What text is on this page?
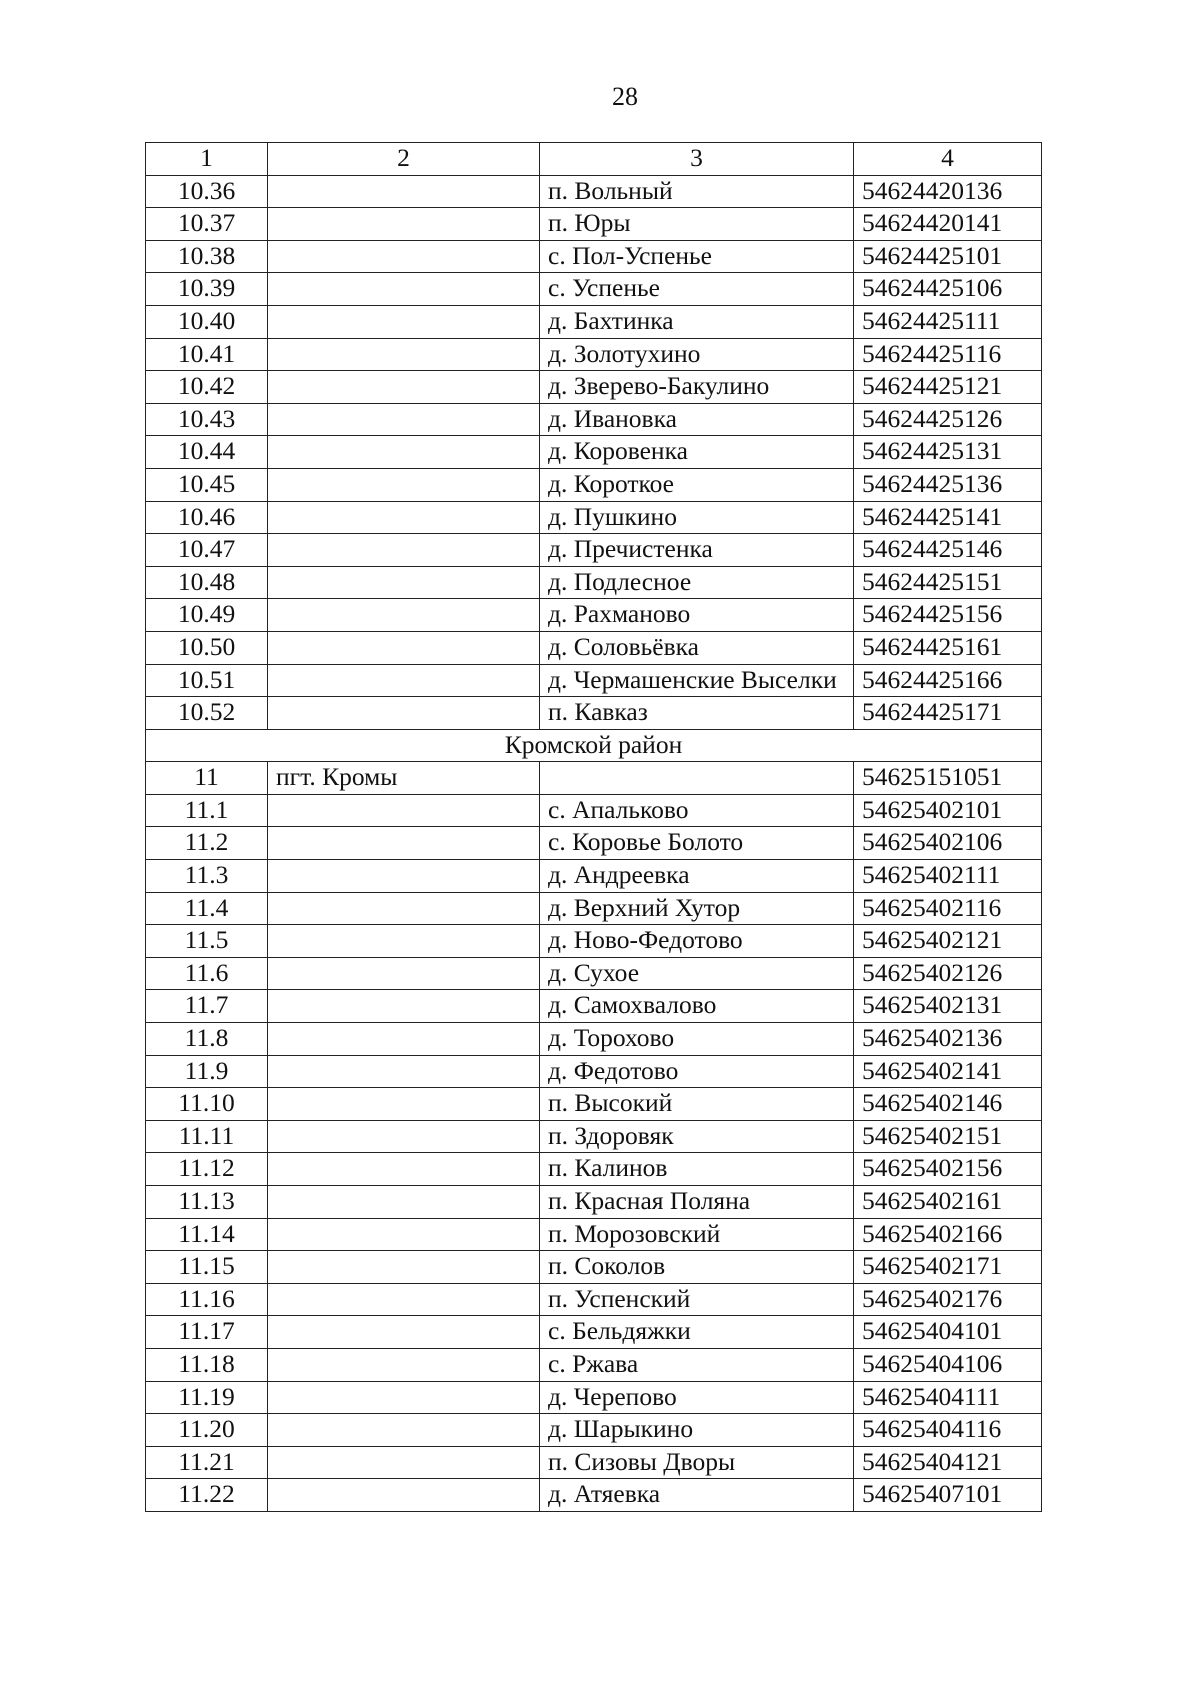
28
1	2	3	4
10.36		п. Вольный	54624420136
10.37		п. Юры	54624420141
10.38		с. Пол-Успенье	54624425101
10.39		с. Успенье	54624425106
10.40		д. Бахтинка	54624425111
10.41		д. Золотухино	54624425116
10.42		д. Зверево-Бакулино	54624425121
10.43		д. Ивановка	54624425126
10.44		д. Коровенка	54624425131
10.45		д. Короткое	54624425136
10.46		д. Пушкино	54624425141
10.47		д. Пречистенка	54624425146
10.48		д. Подлесное	54624425151
10.49		д. Рахманово	54624425156
10.50		д. Соловьёвка	54624425161
10.51		д. Чермашенские Выселки	54624425166
10.52		п. Кавказ	54624425171
Кромской район			
11	пгт. Кромы		54625151051
11.1		с. Апальково	54625402101
11.2		с. Коровье Болото	54625402106
11.3		д. Андреевка	54625402111
11.4		д. Верхний Хутор	54625402116
11.5		д. Ново-Федотово	54625402121
11.6		д. Сухое	54625402126
11.7		д. Самохвалово	54625402131
11.8		д. Торохово	54625402136
11.9		д. Федотово	54625402141
11.10		п. Высокий	54625402146
11.11		п. Здоровяк	54625402151
11.12		п. Калинов	54625402156
11.13		п. Красная Поляна	54625402161
11.14		п. Морозовский	54625402166
11.15		п. Соколов	54625402171
11.16		п. Успенский	54625402176
11.17		с. Бельдяжки	54625404101
11.18		с. Ржава	54625404106
11.19		д. Черепово	54625404111
11.20		д. Шарыкино	54625404116
11.21		п. Сизовы Дворы	54625404121
11.22		д. Атяевка	54625407101
